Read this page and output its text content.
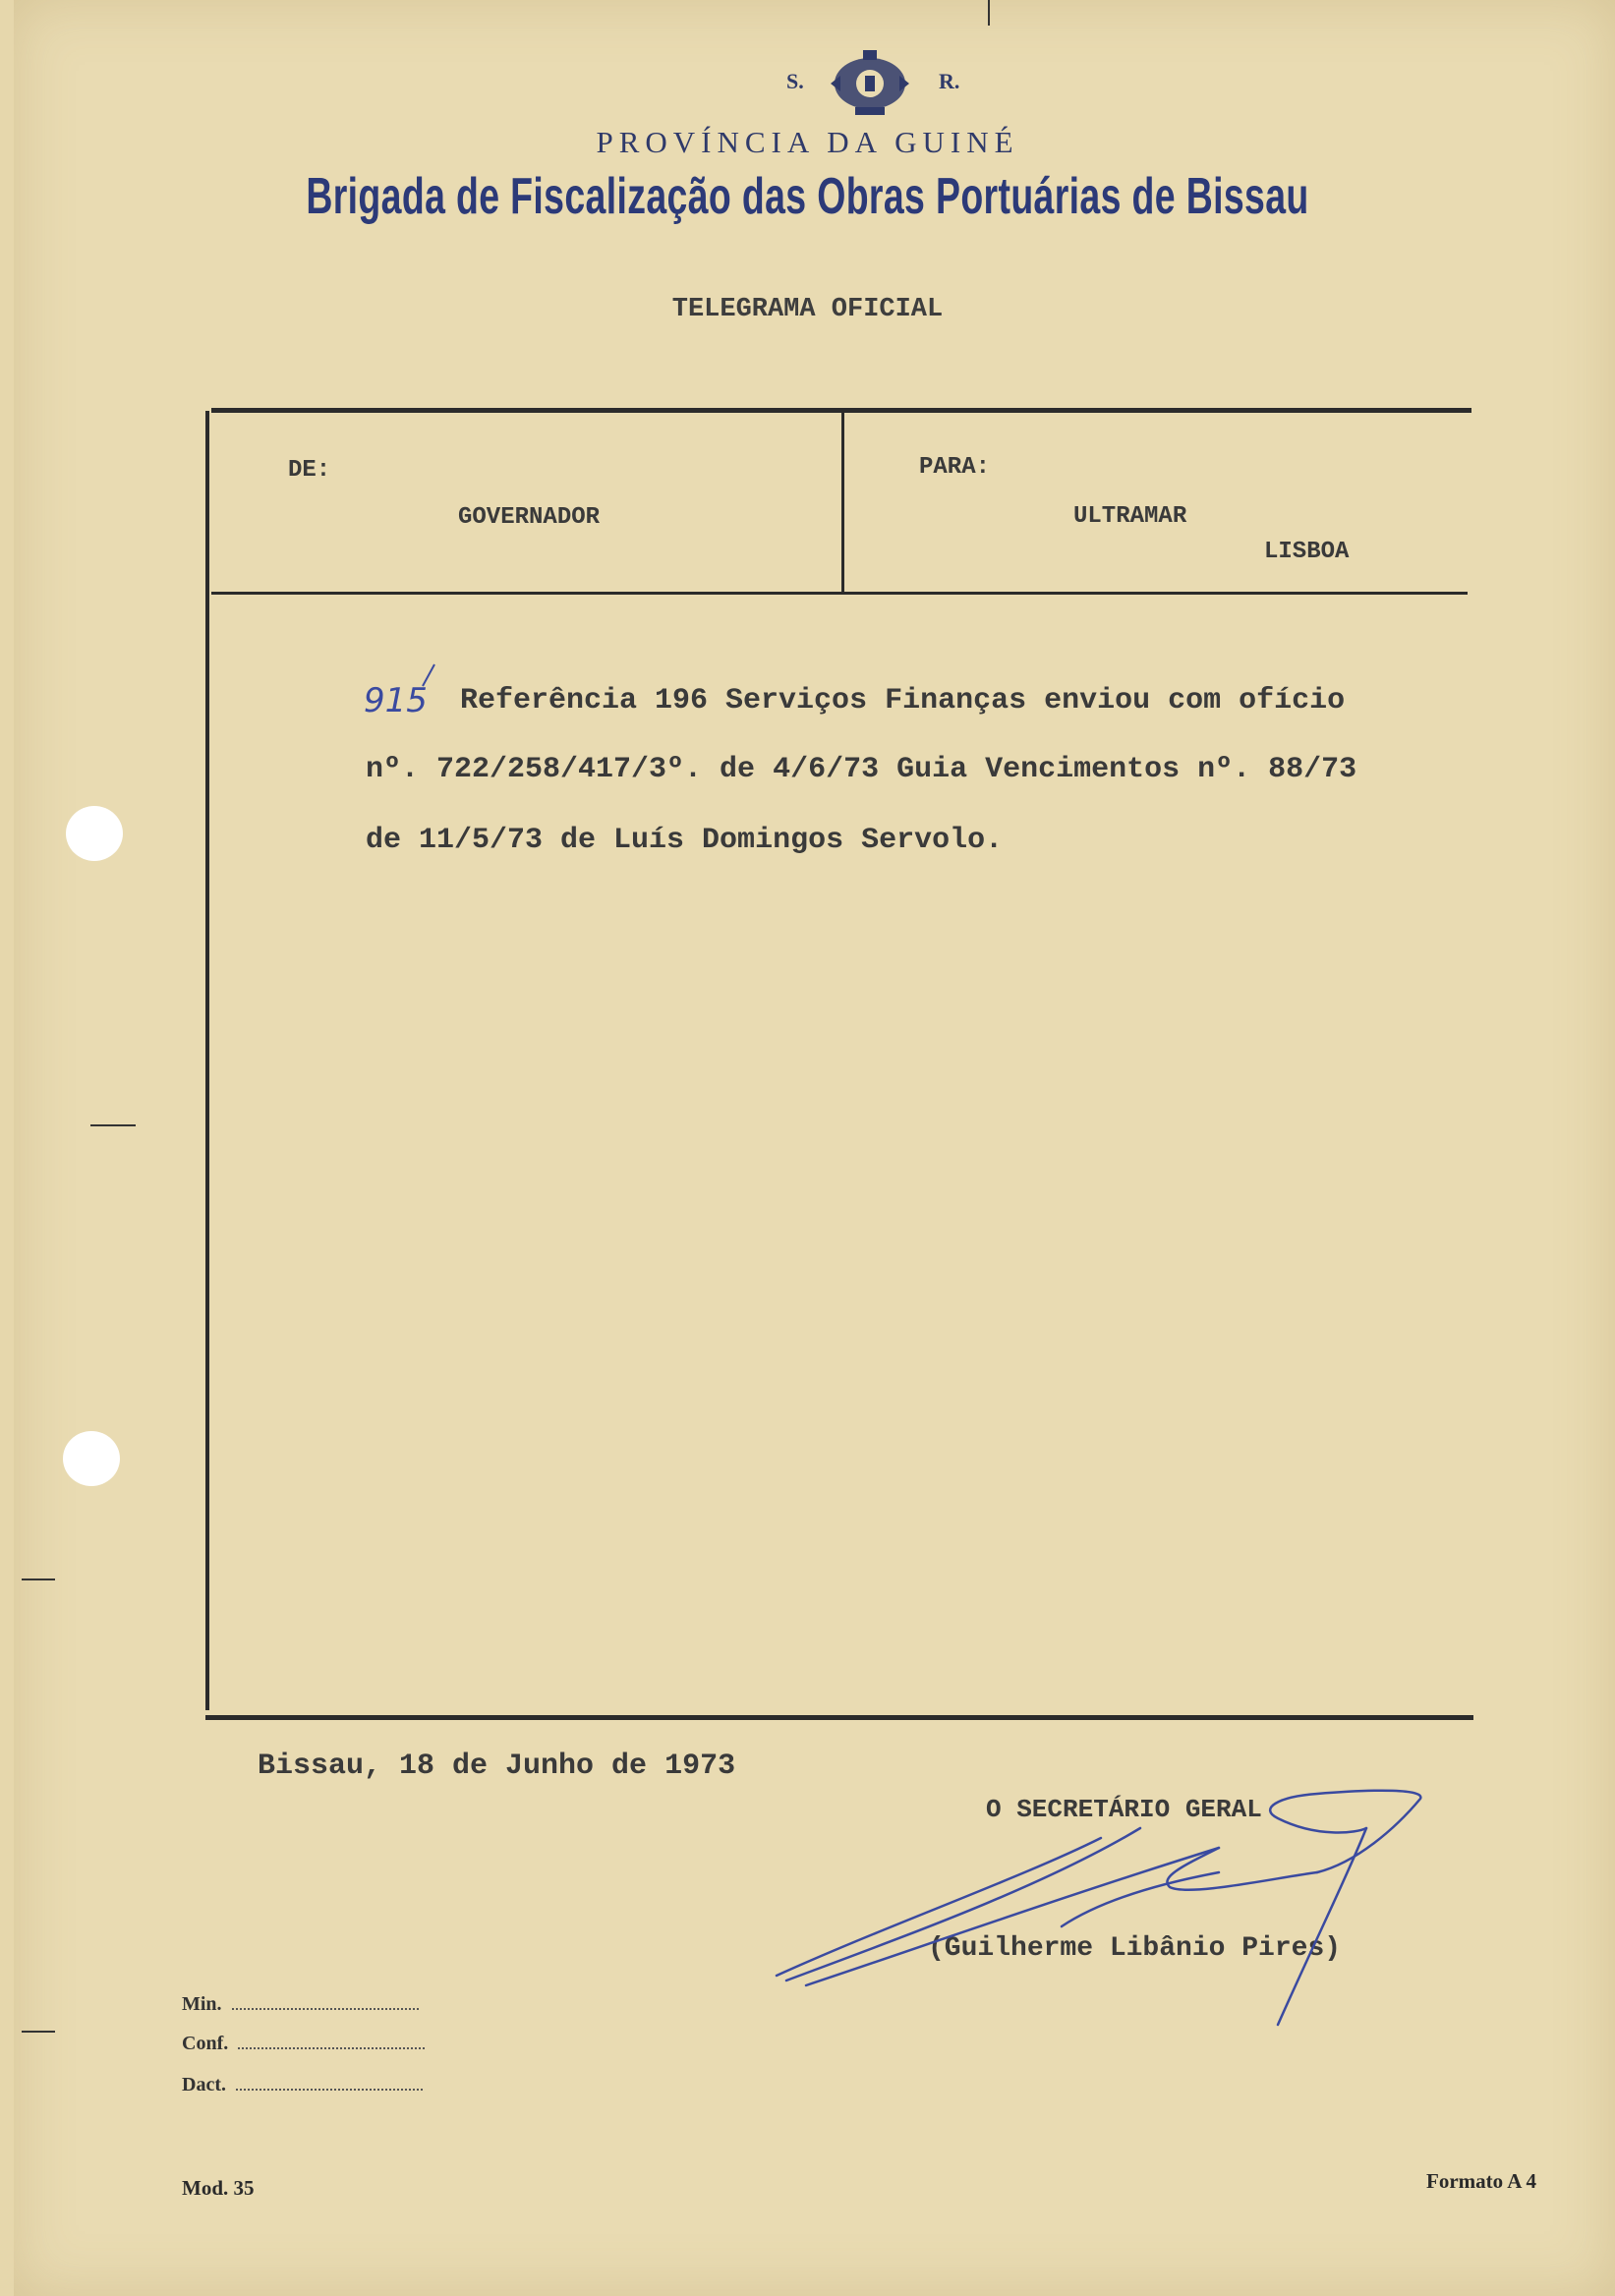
S.	R.
PROVÍNCIA DA GUINÉ
Brigada de Fiscalização das Obras Portuárias de Bissau
TELEGRAMA OFICIAL
DE:
GOVERNADOR
PARA:
ULTRAMAR
LISBOA
915 Referência 196 Serviços Finanças enviou com ofício
nº. 722/258/417/3º. de 4/6/73 Guia Vencimentos nº. 88/73
de 11/5/73 de Luís Domingos Servolo.
Bissau, 18 de Junho de 1973
O SECRETÁRIO GERAL
(Guilherme Libânio Pires)
Min.
Conf.
Dact.
Mod. 35	Formato A 4
